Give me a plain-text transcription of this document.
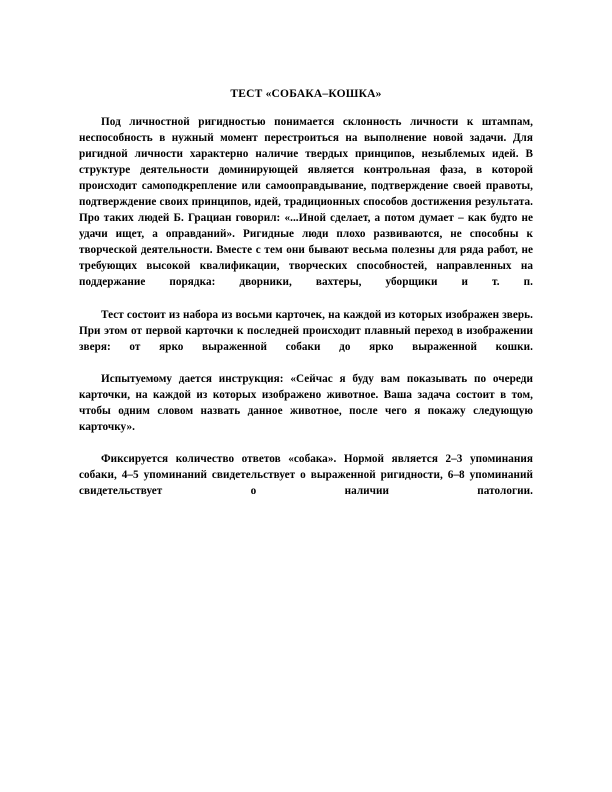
ТЕСТ «СОБАКА–КОШКА»

Под личностной ригидностью понимается склонность личности к штампам, неспособность в нужный момент перестроиться на выполнение новой задачи. Для ригидной личности характерно наличие твердых принципов, незыблемых идей. В структуре деятельности доминирующей является контрольная фаза, в которой происходит самоподкрепление или самооправдывание, подтверждение своей правоты, подтверждение своих принципов, идей, традиционных способов достижения результата. Про таких людей Б. Грациан говорил: «...Иной сделает, а потом думает – как будто не удачи ищет, а оправданий». Ригидные люди плохо развиваются, не способны к творческой деятельности. Вместе с тем они бывают весьма полезны для ряда работ, не требующих высокой квалификации, творческих способностей, направленных на поддержание порядка: дворники, вахтеры, уборщики и т. п.

Тест состоит из набора из восьми карточек, на каждой из которых изображен зверь. При этом от первой карточки к последней происходит плавный переход в изображении зверя: от ярко выраженной собаки до ярко выраженной кошки.

Испытуемому дается инструкция: «Сейчас я буду вам показывать по очереди карточки, на каждой из которых изображено животное. Ваша задача состоит в том, чтобы одним словом назвать данное животное, после чего я покажу следующую карточку».

Фиксируется количество ответов «собака». Нормой является 2–3 упоминания собаки, 4–5 упоминаний свидетельствует о выраженной ригидности, 6–8 упоминаний свидетельствует о наличии патологии.
